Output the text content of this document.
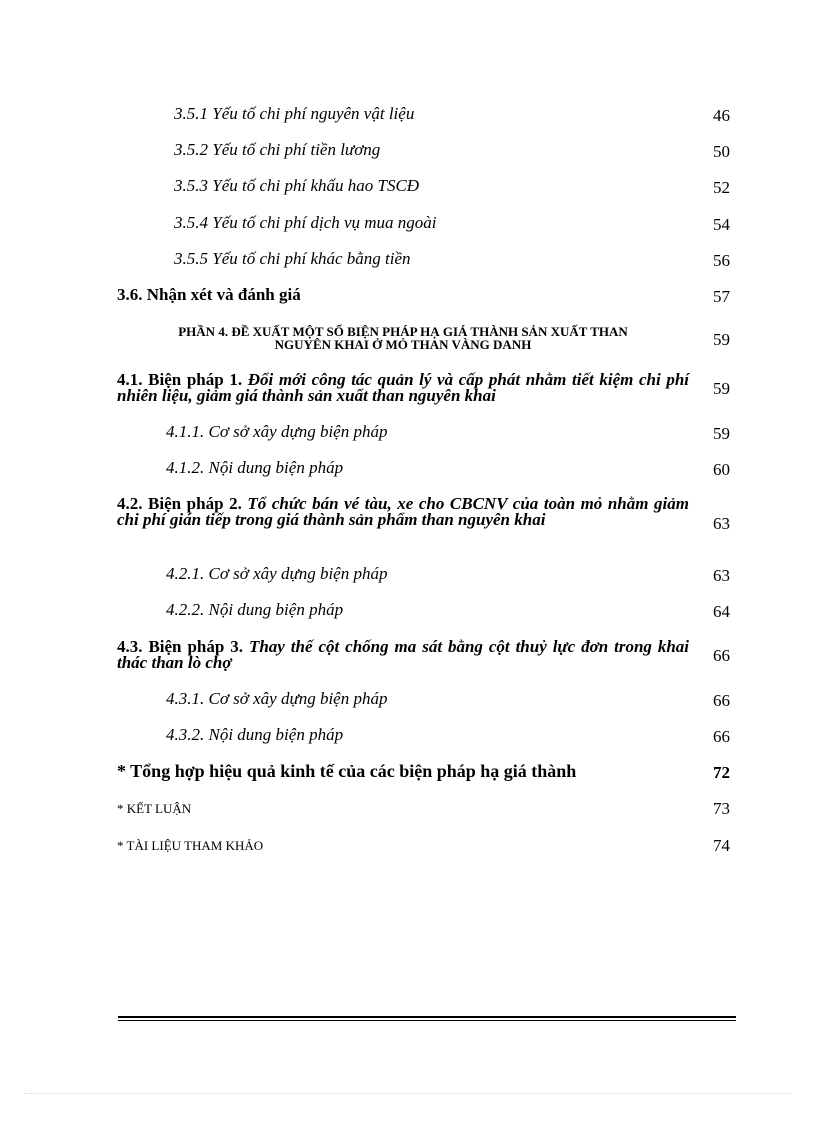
3.5.1 Yếu tố chi phí nguyên vật liệu	46
3.5.2 Yếu tố chi phí tiền lương	50
3.5.3 Yếu tố chi phí khấu hao TSCĐ	52
3.5.4 Yếu tố chi phí dịch vụ mua ngoài	54
3.5.5 Yếu tố chi phí khác bằng tiền	56
3.6. Nhận xét và đánh giá	57
PHẦN 4. ĐỀ XUẤT MỘT SỐ BIỆN PHÁP HẠ GIÁ THÀNH SẢN XUẤT THAN
NGUYÊN KHAI Ở MỎ THAN VÀNG DANH	59
4.1. Biện pháp 1. Đổi mới công tác quản lý và cấp phát nhằm tiết kiệm chi phí nhiên liệu, giảm giá thành sản xuất than nguyên khai	59
4.1.1. Cơ sở xây dựng biện pháp	59
4.1.2. Nội dung biện pháp	60
4.2. Biện pháp 2. Tổ chức bán vé tàu, xe cho CBCNV của toàn mỏ nhằm giảm chi phí gián tiếp trong giá thành sản phẩm than nguyên khai	63
4.2.1. Cơ sở xây dựng biện pháp	63
4.2.2. Nội dung biện pháp	64
4.3. Biện pháp 3. Thay thế cột chống ma sát bằng cột thuỷ lực đơn trong khai thác than lò chợ	66
4.3.1. Cơ sở xây dựng biện pháp	66
4.3.2. Nội dung biện pháp	66
* Tổng hợp hiệu quả kinh tế của các biện pháp hạ giá thành	72
* KẾT LUẬN	73
* TÀI LIỆU THAM KHẢO	74
